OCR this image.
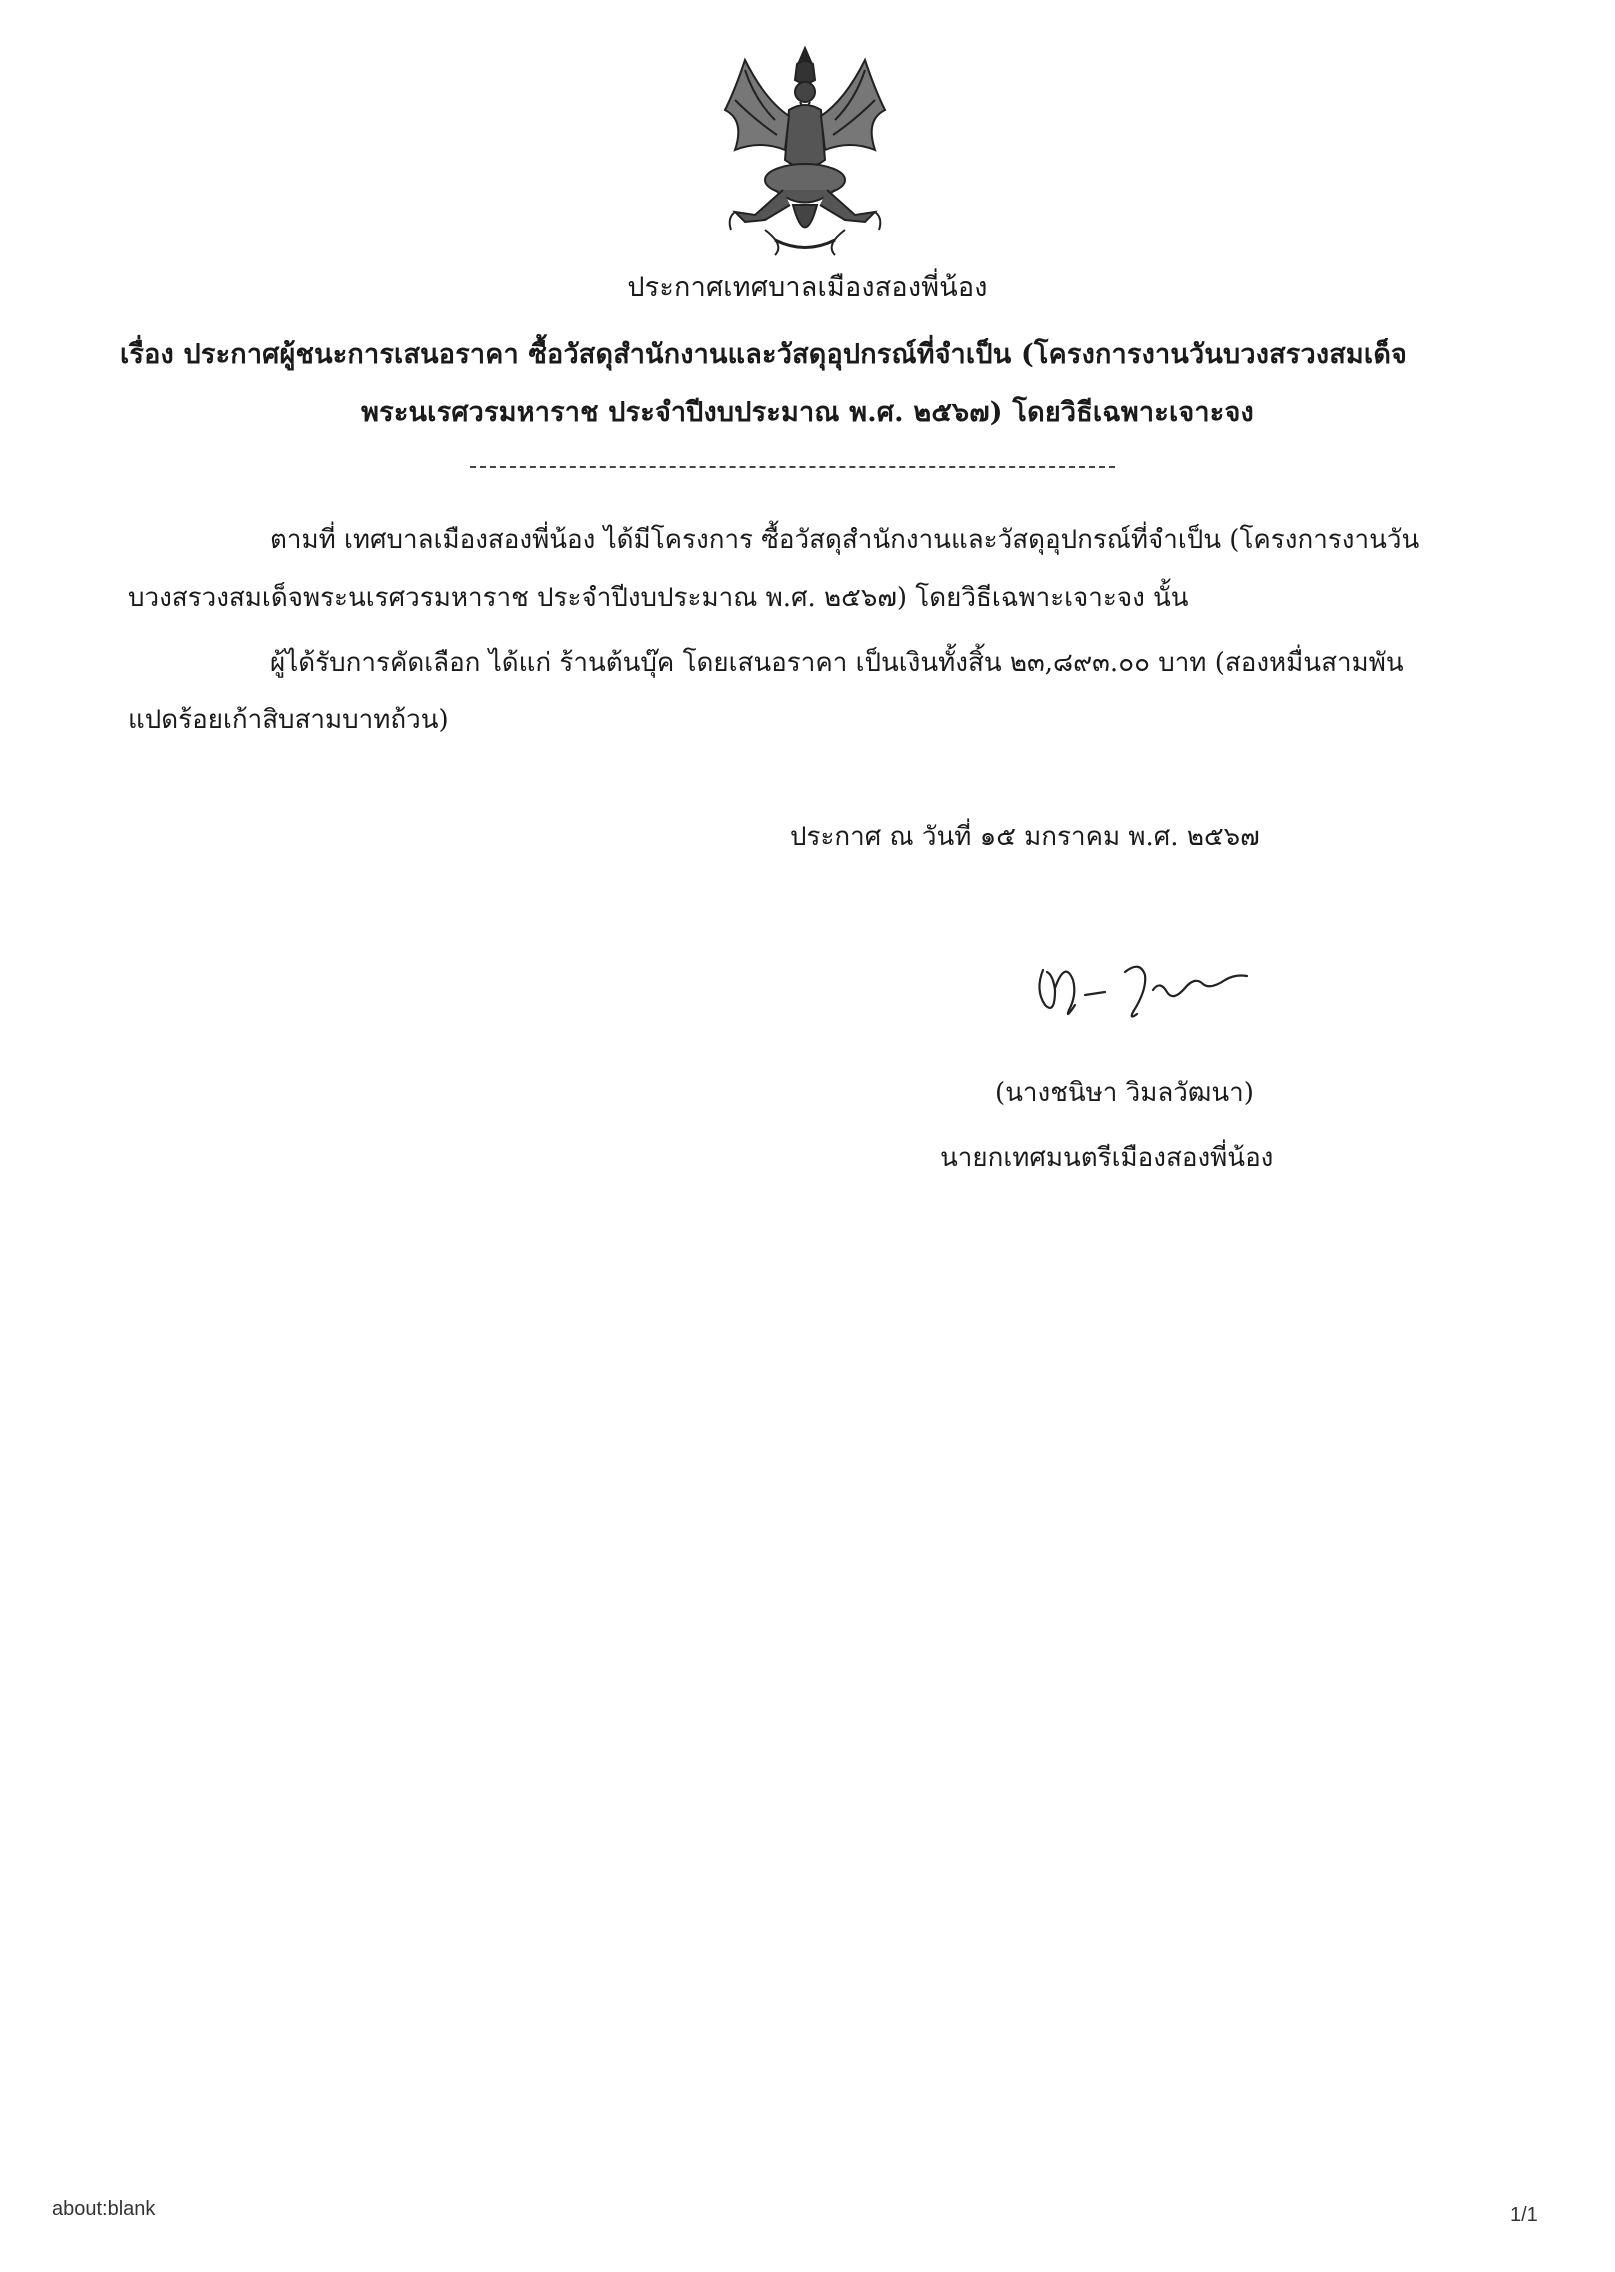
ประกาศเทศบาลเมืองสองพี่น้อง
เรื่อง ประกาศผู้ชนะการเสนอราคา ซื้อวัสดุสำนักงานและวัสดุอุปกรณ์ที่จำเป็น (โครงการงานวันบวงสรวงสมเด็จ
พระนเรศวรมหาราช ประจำปีงบประมาณ พ.ศ. ๒๕๖๗) โดยวิธีเฉพาะเจาะจง
ตามที่ เทศบาลเมืองสองพี่น้อง ได้มีโครงการ ซื้อวัสดุสำนักงานและวัสดุอุปกรณ์ที่จำเป็น (โครงการงานวัน
บวงสรวงสมเด็จพระนเรศวรมหาราช ประจำปีงบประมาณ พ.ศ. ๒๕๖๗) โดยวิธีเฉพาะเจาะจง นั้น
ผู้ได้รับการคัดเลือก ได้แก่ ร้านต้นบุ๊ค โดยเสนอราคา เป็นเงินทั้งสิ้น ๒๓,๘๙๓.๐๐ บาท (สองหมื่นสามพัน
แปดร้อยเก้าสิบสามบาทถ้วน)
ประกาศ ณ วันที่ ๑๕ มกราคม พ.ศ. ๒๕๖๗
(นางชนิษา วิมลวัฒนา)
นายกเทศมนตรีเมืองสองพี่น้อง
about:blank	1/1
